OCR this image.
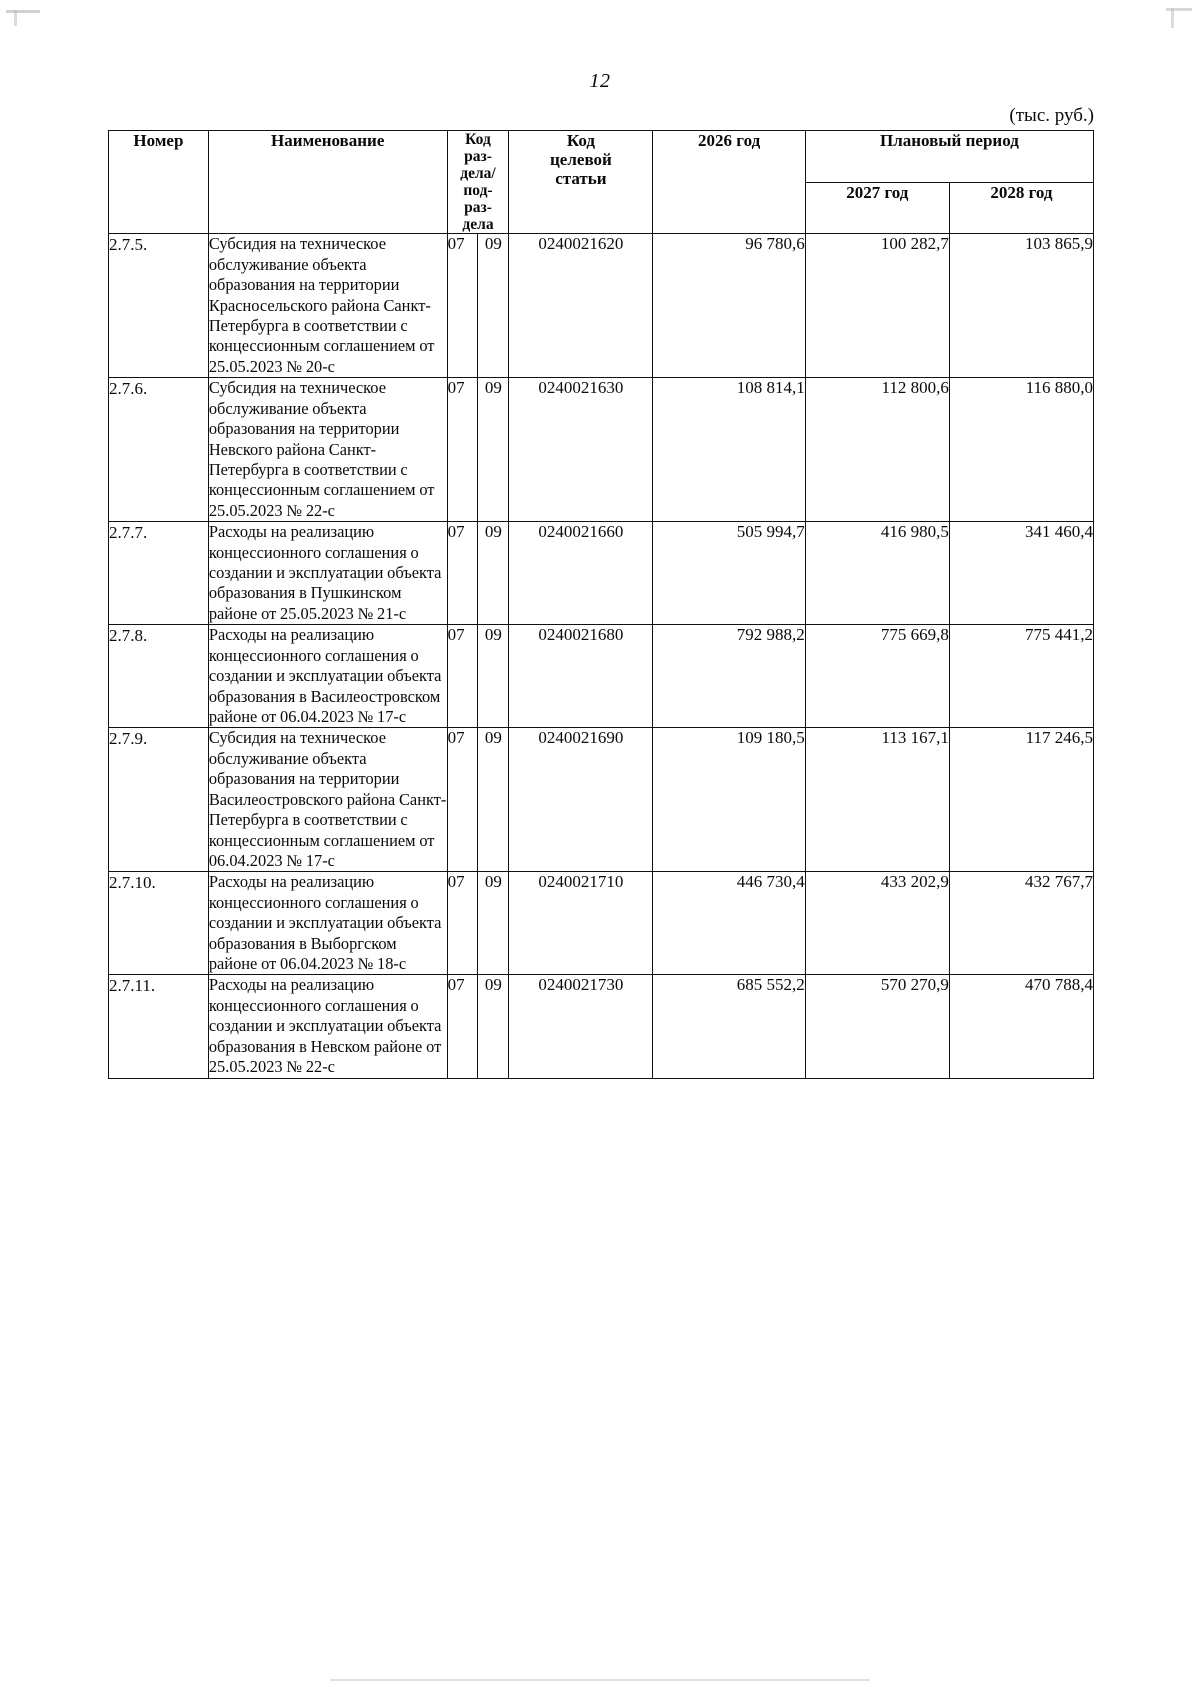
12
(тыс. руб.)
Номер	Наименование	Код
раз-
дела/
под-
раз-
дела	Код
целевой
статьи	2026 год	Плановый период
						2027 год	2028 год
2.7.5.	Субсидия на техническое обслуживание объекта образования на территории Красносельского района Санкт-Петербурга в соответствии с концессионным соглашением от 25.05.2023 № 20-с	07	09	0240021620	96 780,6	100 282,7	103 865,9
2.7.6.	Субсидия на техническое обслуживание объекта образования на территории Невского района Санкт-Петербурга в соответствии с концессионным соглашением от 25.05.2023 № 22-с	07	09	0240021630	108 814,1	112 800,6	116 880,0
2.7.7.	Расходы на реализацию концессионного соглашения о создании и эксплуатации объекта образования в Пушкинском районе от 25.05.2023 № 21-с	07	09	0240021660	505 994,7	416 980,5	341 460,4
2.7.8.	Расходы на реализацию концессионного соглашения о создании и эксплуатации объекта образования в Василеостровском районе от 06.04.2023 № 17-с	07	09	0240021680	792 988,2	775 669,8	775 441,2
2.7.9.	Субсидия на техническое обслуживание объекта образования на территории Василеостровского района Санкт-Петербурга в соответствии с концессионным соглашением от 06.04.2023 № 17-с	07	09	0240021690	109 180,5	113 167,1	117 246,5
2.7.10.	Расходы на реализацию концессионного соглашения о создании и эксплуатации объекта образования в Выборгском районе от 06.04.2023 № 18-с	07	09	0240021710	446 730,4	433 202,9	432 767,7
2.7.11.	Расходы на реализацию концессионного соглашения о создании и эксплуатации объекта образования в Невском районе от 25.05.2023 № 22-с	07	09	0240021730	685 552,2	570 270,9	470 788,4
